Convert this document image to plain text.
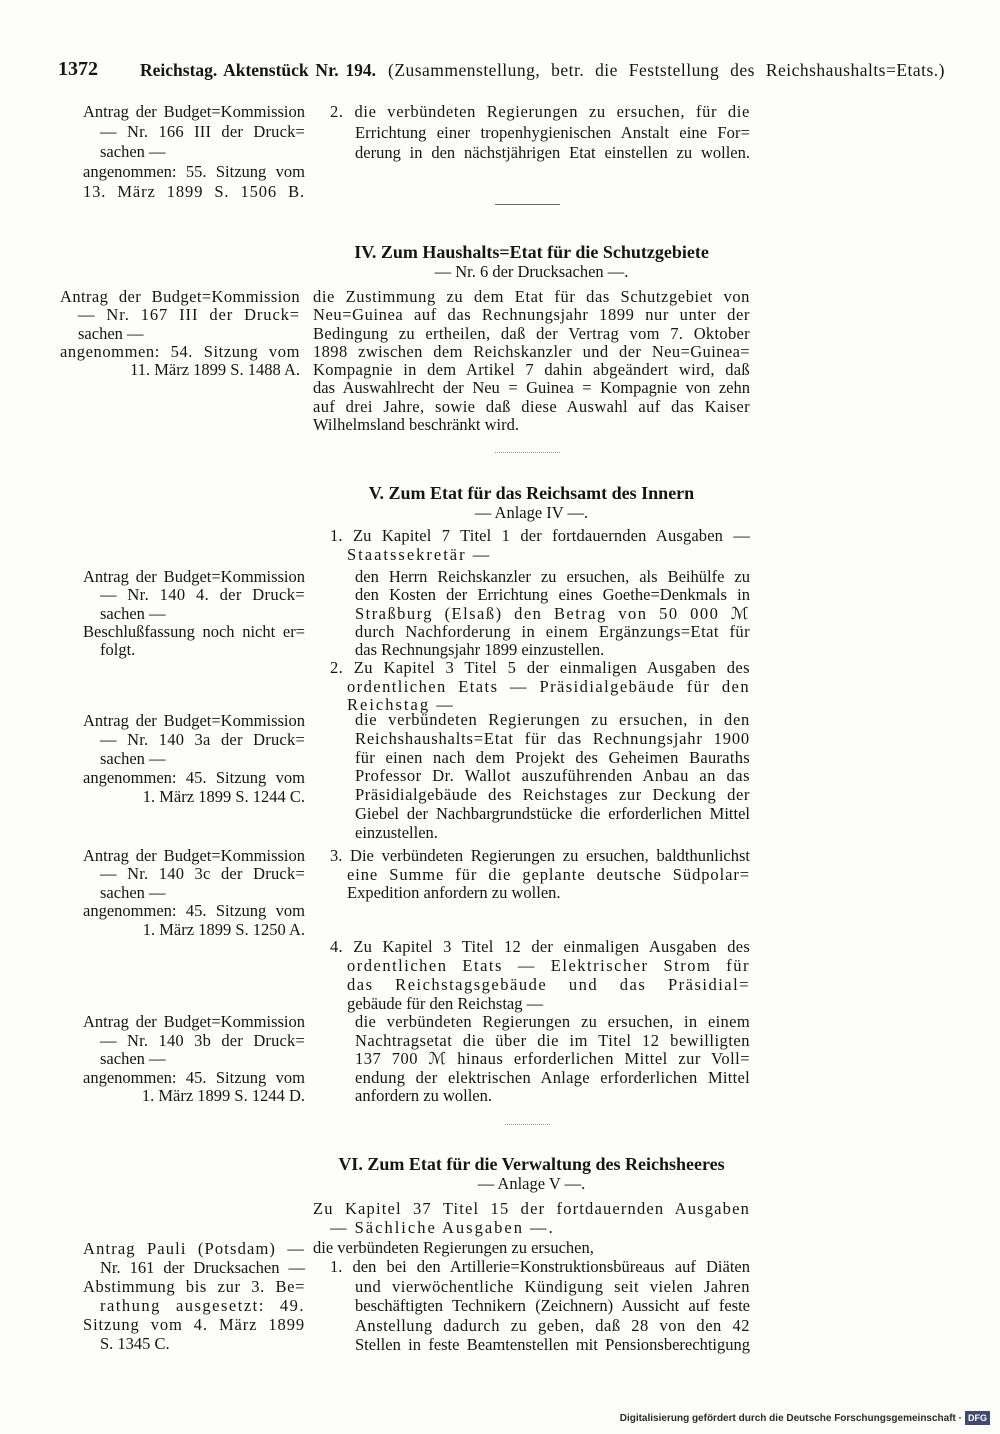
1372	Reichstag. Aktenstück Nr. 194. (Zusammenstellung, betr. die Feststellung des Reichshaushalts=Etats.)
Antrag der Budget=Kommission
— Nr. 166 III der Druck=
sachen —
angenommen: 55. Sitzung vom
13. März 1899 S. 1506 B.
2. die verbündeten Regierungen zu ersuchen, für die
Errichtung einer tropenhygienischen Anstalt eine For=
derung in den nächstjährigen Etat einstellen zu wollen.
IV. Zum Haushalts=Etat für die Schutzgebiete
— Nr. 6 der Drucksachen —.
Antrag der Budget=Kommission
— Nr. 167 III der Druck=
sachen —
angenommen: 54. Sitzung vom
11. März 1899 S. 1488 A.
die Zustimmung zu dem Etat für das Schutzgebiet von
Neu=Guinea auf das Rechnungsjahr 1899 nur unter der
Bedingung zu ertheilen, daß der Vertrag vom 7. Oktober
1898 zwischen dem Reichskanzler und der Neu=Guinea=
Kompagnie in dem Artikel 7 dahin abgeändert wird, daß
das Auswahlrecht der Neu = Guinea = Kompagnie von zehn
auf drei Jahre, sowie daß diese Auswahl auf das Kaiser
Wilhelmsland beschränkt wird.
V. Zum Etat für das Reichsamt des Innern
— Anlage IV —.
1. Zu Kapitel 7 Titel 1 der fortdauernden Ausgaben —
Staatssekretär —
Antrag der Budget=Kommission
— Nr. 140 4. der Druck=
sachen —
Beschlußfassung noch nicht er=
folgt.
den Herrn Reichskanzler zu ersuchen, als Beihülfe zu
den Kosten der Errichtung eines Goethe=Denkmals in
Straßburg (Elsaß) den Betrag von 50 000 ℳ
durch Nachforderung in einem Ergänzungs=Etat für
das Rechnungsjahr 1899 einzustellen.
2. Zu Kapitel 3 Titel 5 der einmaligen Ausgaben des
ordentlichen Etats — Präsidialgebäude für den
Reichstag —
Antrag der Budget=Kommission
— Nr. 140 3a der Druck=
sachen —
angenommen: 45. Sitzung vom
1. März 1899 S. 1244 C.
die verbündeten Regierungen zu ersuchen, in den
Reichshaushalts=Etat für das Rechnungsjahr 1900
für einen nach dem Projekt des Geheimen Bauraths
Professor Dr. Wallot auszuführenden Anbau an das
Präsidialgebäude des Reichstages zur Deckung der
Giebel der Nachbargrundstücke die erforderlichen Mittel
einzustellen.
Antrag der Budget=Kommission
— Nr. 140 3c der Druck=
sachen —
angenommen: 45. Sitzung vom
1. März 1899 S. 1250 A.
3. Die verbündeten Regierungen zu ersuchen, baldthunlichst
eine Summe für die geplante deutsche Südpolar=
Expedition anfordern zu wollen.
4. Zu Kapitel 3 Titel 12 der einmaligen Ausgaben des
ordentlichen Etats — Elektrischer Strom für
das Reichstagsgebäude und das Präsidial=
gebäude für den Reichstag —
Antrag der Budget=Kommission
— Nr. 140 3b der Druck=
sachen —
angenommen: 45. Sitzung vom
1. März 1899 S. 1244 D.
die verbündeten Regierungen zu ersuchen, in einem
Nachtragsetat die über die im Titel 12 bewilligten
137 700 ℳ hinaus erforderlichen Mittel zur Voll=
endung der elektrischen Anlage erforderlichen Mittel
anfordern zu wollen.
VI. Zum Etat für die Verwaltung des Reichsheeres
— Anlage V —.
Zu Kapitel 37 Titel 15 der fortdauernden Ausgaben
— Sächliche Ausgaben —.
Antrag Pauli (Potsdam) —
Nr. 161 der Drucksachen —
Abstimmung bis zur 3. Be=
rathung ausgesetzt: 49.
Sitzung vom 4. März 1899
S. 1345 C.
die verbündeten Regierungen zu ersuchen,
1. den bei den Artillerie=Konstruktionsbüreaus auf Diäten
und vierwöchentliche Kündigung seit vielen Jahren
beschäftigten Technikern (Zeichnern) Aussicht auf feste
Anstellung dadurch zu geben, daß 28 von den 42
Stellen in feste Beamtenstellen mit Pensionsberechtigung
Digitalisierung gefördert durch die Deutsche Forschungsgemeinschaft · DFG
